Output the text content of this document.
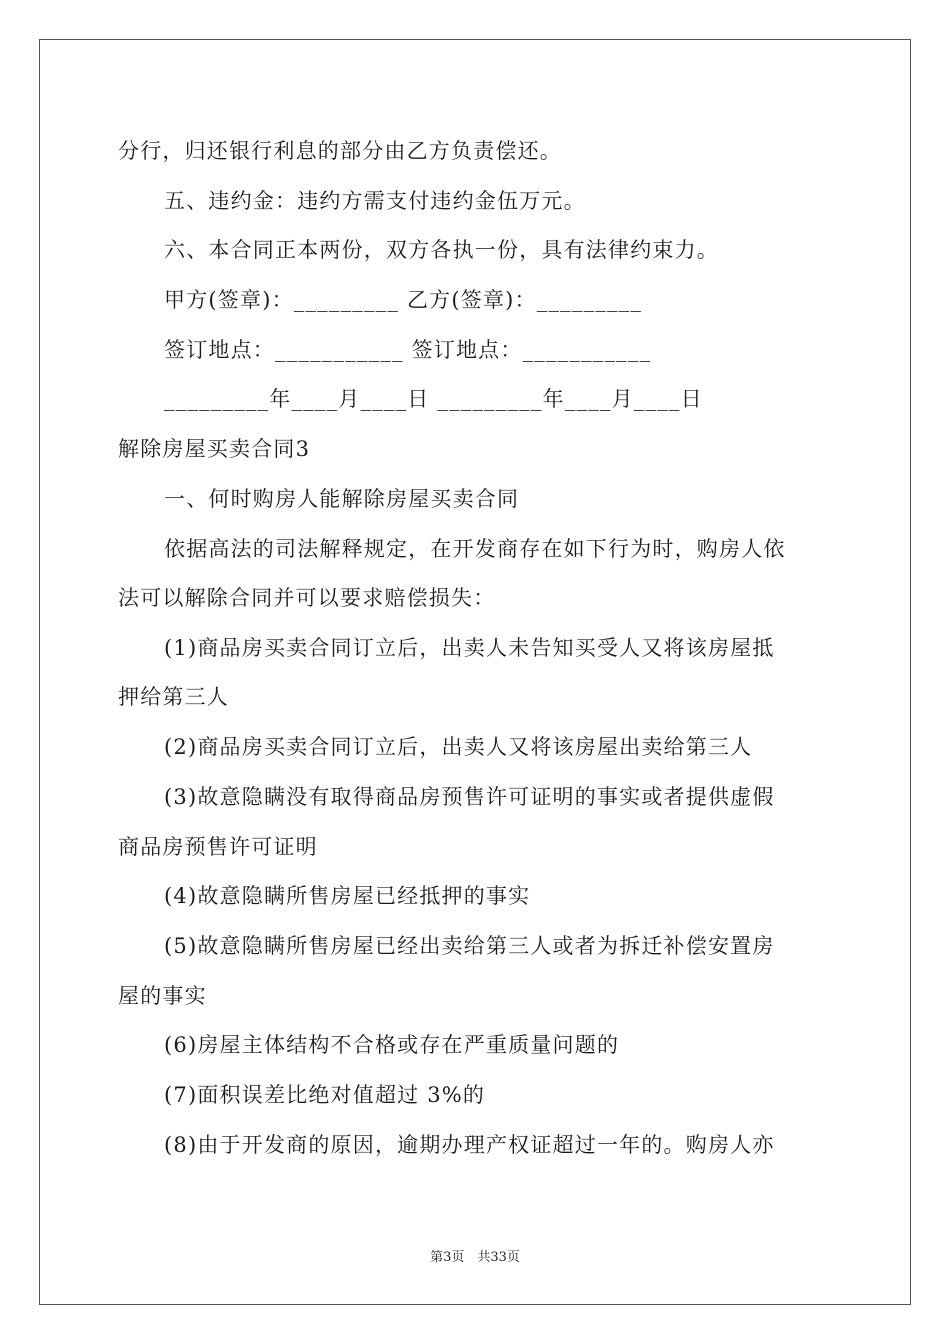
分行，归还银行利息的部分由乙方负责偿还。
五、违约金：违约方需支付违约金伍万元。
六、本合同正本两份，双方各执一份，具有法律约束力。
甲方(签章)：_________ 乙方(签章)：_________
签订地点：___________ 签订地点：___________
_________年____月____日 _________年____月____日
解除房屋买卖合同3
一、何时购房人能解除房屋买卖合同
依据高法的司法解释规定，在开发商存在如下行为时，购房人依
法可以解除合同并可以要求赔偿损失：
(1)商品房买卖合同订立后，出卖人未告知买受人又将该房屋抵
押给第三人
(2)商品房买卖合同订立后，出卖人又将该房屋出卖给第三人
(3)故意隐瞒没有取得商品房预售许可证明的事实或者提供虚假
商品房预售许可证明
(4)故意隐瞒所售房屋已经抵押的事实
(5)故意隐瞒所售房屋已经出卖给第三人或者为拆迁补偿安置房
屋的事实
(6)房屋主体结构不合格或存在严重质量问题的
(7)面积误差比绝对值超过 3%的
(8)由于开发商的原因，逾期办理产权证超过一年的。购房人亦
第3页　共33页
